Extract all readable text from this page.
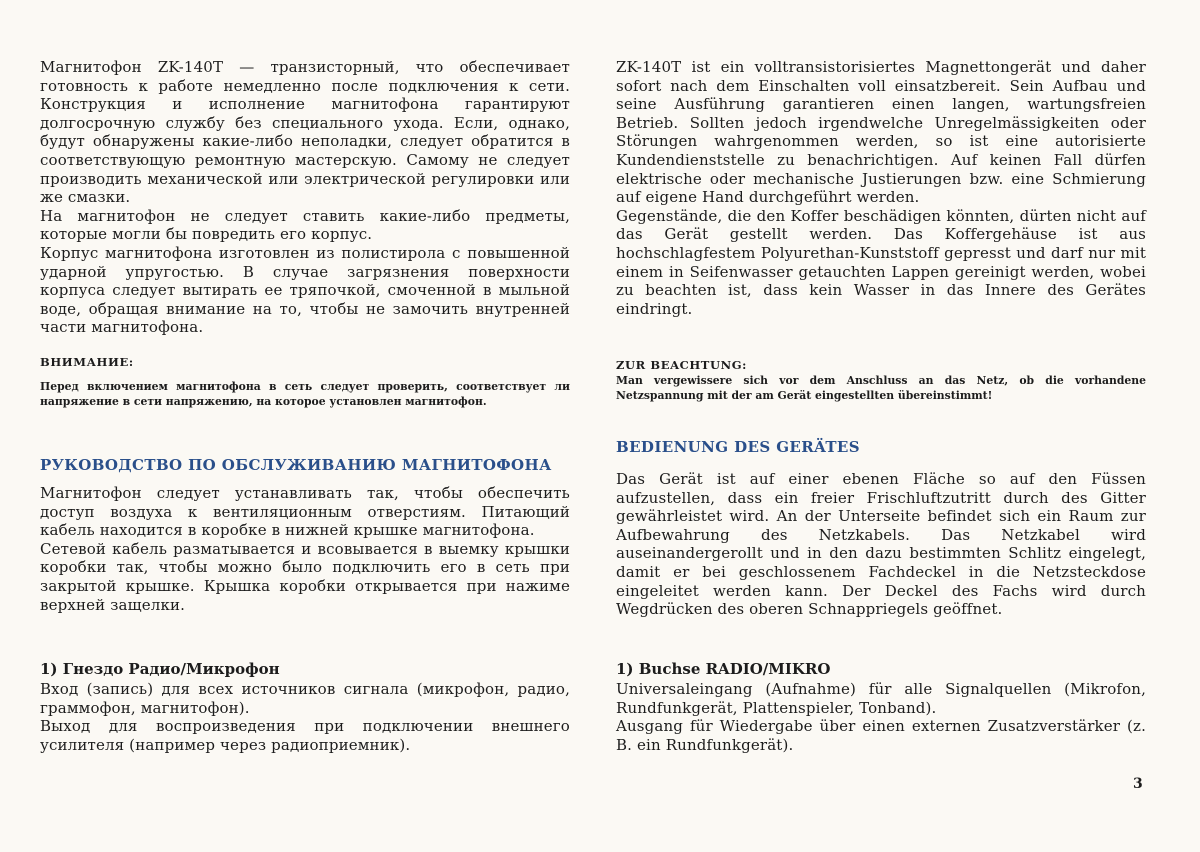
Магнитофон ZK-140T — транзисторный, что обеспечивает готовность к работе немедленно после подключения к сети. Конструкция и исполнение магнитофона гарантируют долгосрочную службу без специального ухода. Если, однако, будут обнаружены какие-либо неполадки, следует обратится в соответствующую ремонтную мастерскую. Самому не следует производить механической или электрической регулировки или же смазки.

На магнитофон не следует ставить какие-либо предметы, которые могли бы повредить его корпус.

Корпус магнитофона изготовлен из полистирола с повышенной ударной упругостью. В случае загрязнения поверхности корпуса следует вытирать ее тряпочкой, смоченной в мыльной воде, обращая внимание на то, чтобы не замочить внутренней части магнитофона.

ВНИМАНИЕ:

Перед включением магнитофона в сеть следует проверить, соответствует ли напряжение в сети напряжению, на которое установлен магнитофон.

РУКОВОДСТВО ПО ОБСЛУЖИВАНИЮ МАГНИТОФОНА

Магнитофон следует устанавливать так, чтобы обеспечить доступ воздуха к вентиляционным отверстиям. Питающий кабель находится в коробке в нижней крышке магнитофона.

Сетевой кабель разматывается и всовывается в выемку крышки коробки так, чтобы можно было подключить его в сеть при закрытой крышке. Крышка коробки открывается при нажиме верхней защелки.

1) Гнездо Радио/Микрофон

Вход (запись) для всех источников сигнала (микрофон, радио, граммофон, магнитофон).

Выход для воспроизведения при подключении внешнего усилителя (например через радиоприемник).

ZK-140T ist ein volltransistorisiertes Magnettongerät und daher sofort nach dem Einschalten voll einsatzbereit. Sein Aufbau und seine Ausführung garantieren einen langen, wartungsfreien Betrieb. Sollten jedoch irgendwelche Unregelmässigkeiten oder Störungen wahrgenommen werden, so ist eine autorisierte Kundendienststelle zu benachrichtigen. Auf keinen Fall dürfen elektrische oder mechanische Justierungen bzw. eine Schmierung auf eigene Hand durchgeführt werden.

Gegenstände, die den Koffer beschädigen könnten, dürten nicht auf das Gerät gestellt werden. Das Koffergehäuse ist aus hochschlagfestem Polyurethan-Kunststoff gepresst und darf nur mit einem in Seifenwasser getauchten Lappen gereinigt werden, wobei zu beachten ist, dass kein Wasser in das Innere des Gerätes eindringt.

ZUR BEACHTUNG:

Man vergewissere sich vor dem Anschluss an das Netz, ob die vorhandene Netzspannung mit der am Gerät eingestellten übereinstimmt!

BEDIENUNG DES GERÄTES

Das Gerät ist auf einer ebenen Fläche so auf den Füssen aufzustellen, dass ein freier Frischluftzutritt durch des Gitter gewährleistet wird. An der Unterseite befindet sich ein Raum zur Aufbewahrung des Netzkabels. Das Netzkabel wird auseinandergerollt und in den dazu bestimmten Schlitz eingelegt, damit er bei geschlossenem Fachdeckel in die Netzsteckdose eingeleitet werden kann. Der Deckel des Fachs wird durch Wegdrücken des oberen Schnappriegels geöffnet.

1) Buchse RADIO/MIKRO

Universaleingang (Aufnahme) für alle Signalquellen (Mikrofon, Rundfunkgerät, Plattenspieler, Tonband).

Ausgang für Wiedergabe über einen externen Zusatzverstärker (z. B. ein Rundfunkgerät).

3
